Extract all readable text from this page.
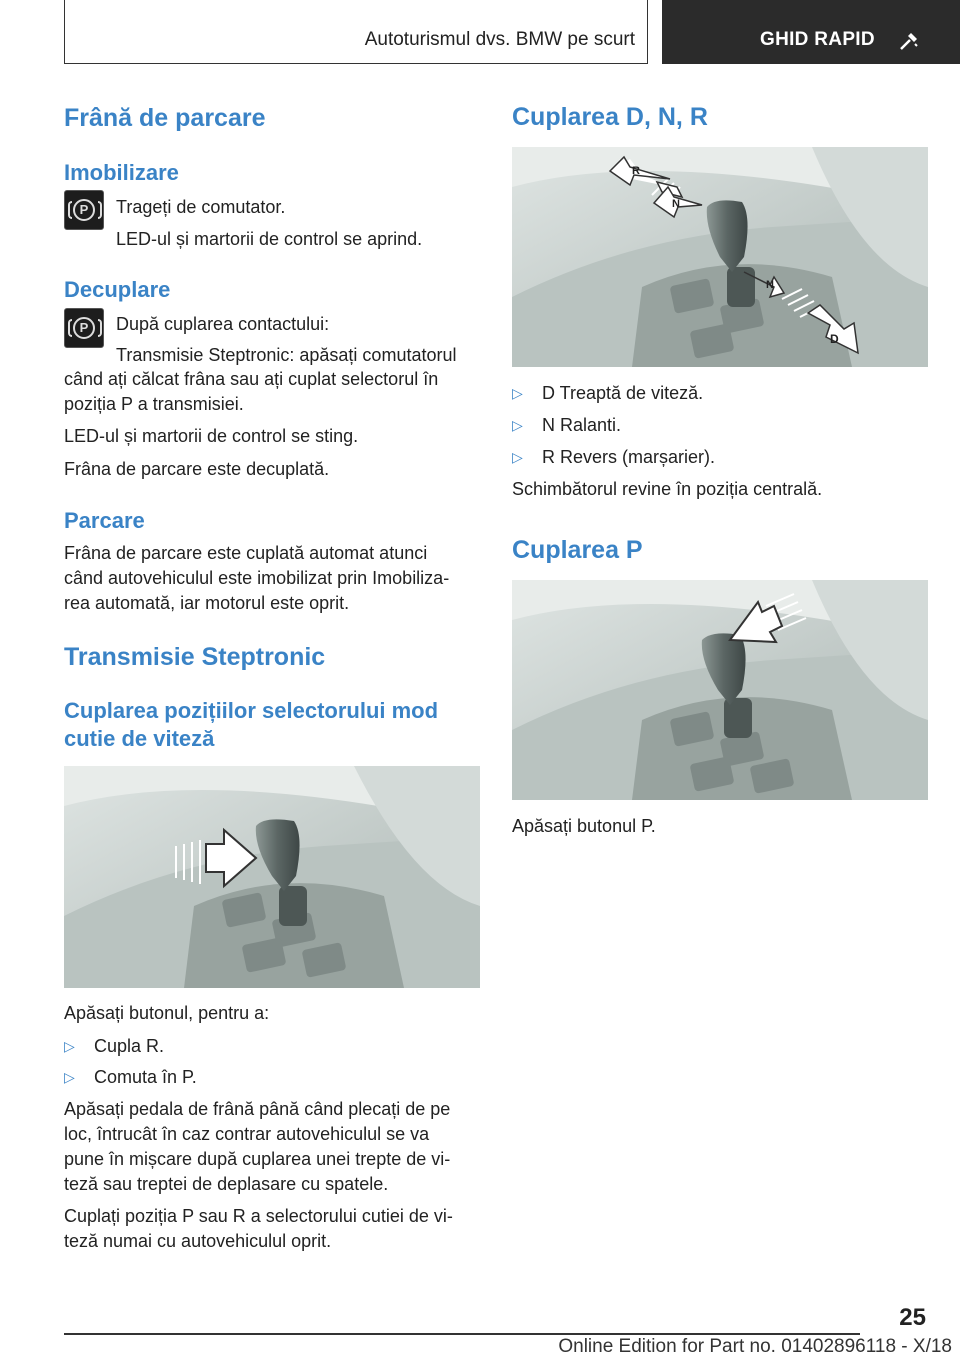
Autoturismul dvs. BMW pe scurt	GHID RAPID
Frână de parcare
Imobilizare
P Trageți de comutator.

LED-ul și martorii de control se aprind.

Decuplare
P După cuplarea contactului:

Transmisie Steptronic: apăsați comutatorul

când ați călcat frâna sau ați cuplat selectorul în

poziția P a transmisiei.

LED-ul și martorii de control se sting.

Frâna de parcare este decuplată.

Parcare

Frâna de parcare este cuplată automat atunci

când autovehiculul este imobilizat prin Imobiliza-

rea automată, iar motorul este oprit.

Transmisie Steptronic
Cuplarea pozițiilor selectorului mod
cutie de viteză

Apăsați butonul, pentru a:

▷ Cupla R.
▷ Comuta în P.

Apăsați pedala de frână până când plecați de pe

loc, întrucât în caz contrar autovehiculul se va

pune în mișcare după cuplarea unei trepte de vi-

teză sau treptei de deplasare cu spatele.

Cuplați poziția P sau R a selectorului cutiei de vi-

teză numai cu autovehiculul oprit.

Cuplarea D, N, R
R
N
N
D
▷ D Treaptă de viteză.
▷ N Ralanti.
▷ R Revers (marșarier).

Schimbătorul revine în poziția centrală.

Cuplarea P

Apăsați butonul P.

25
Online Edition for Part no. 01402896118 - X/18
